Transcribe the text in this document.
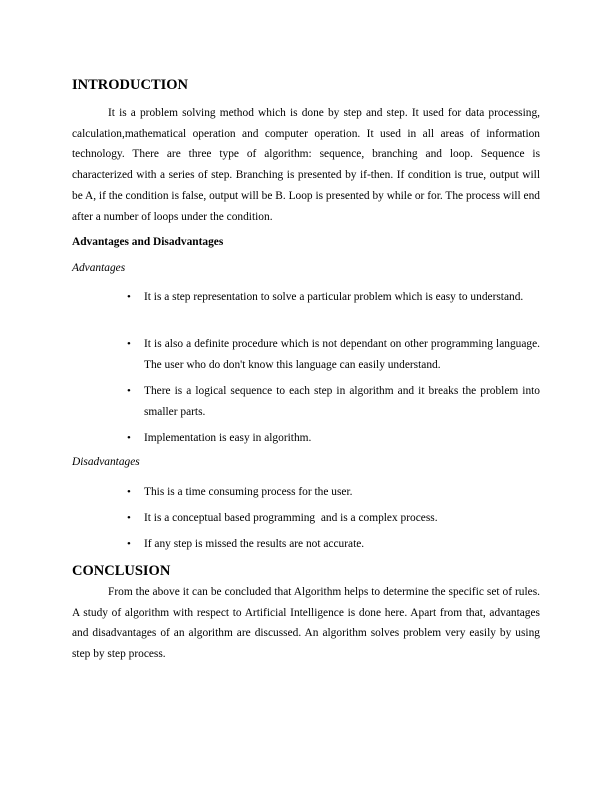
INTRODUCTION

It is a problem solving method which is done by step and step. It used for data processing, calculation,mathematical operation and computer operation. It used in all areas of information technology. There are three type of algorithm: sequence, branching and loop. Sequence is characterized with a series of step. Branching is presented by if-then. If condition is true, output will be A, if the condition is false, output will be B. Loop is presented by while or for. The process will end after a number of loops under the condition.

Advantages and Disadvantages
Advantages
• It is a step representation to solve a particular problem which is easy to understand.
• It is also a definite procedure which is not dependant on other programming language. The user who do don't know this language can easily understand.
• There is a logical sequence to each step in algorithm and it breaks the problem into smaller parts.
• Implementation is easy in algorithm.
Disadvantages
• This is a time consuming process for the user.
• It is a conceptual based programming  and is a complex process.
• If any step is missed the results are not accurate.
CONCLUSION

From the above it can be concluded that Algorithm helps to determine the specific set of rules. A study of algorithm with respect to Artificial Intelligence is done here. Apart from that, advantages and disadvantages of an algorithm are discussed. An algorithm solves problem very easily by using step by step process.
